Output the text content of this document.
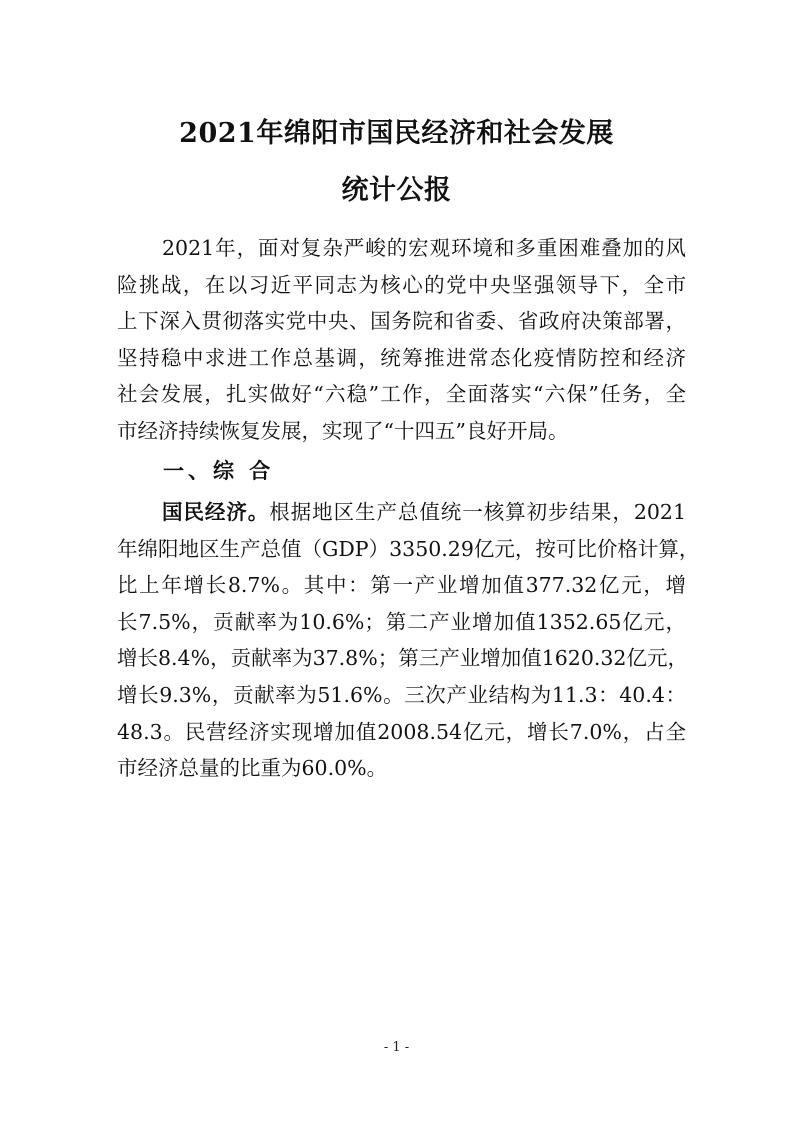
2021年绵阳市国民经济和社会发展
统计公报
2021年，面对复杂严峻的宏观环境和多重困难叠加的风
险挑战，在以习近平同志为核心的党中央坚强领导下，全市
上下深入贯彻落实党中央、国务院和省委、省政府决策部署，
坚持稳中求进工作总基调，统筹推进常态化疫情防控和经济
社会发展，扎实做好“六稳”工作，全面落实“六保”任务，全
市经济持续恢复发展，实现了“十四五”良好开局。
一、综 合
国民经济。根据地区生产总值统一核算初步结果，2021
年绵阳地区生产总值（GDP）3350.29亿元，按可比价格计算，
比上年增长8.7%。其中：第一产业增加值377.32亿元，增
长7.5%，贡献率为10.6%；第二产业增加值1352.65亿元，
增长8.4%，贡献率为37.8%；第三产业增加值1620.32亿元，
增长9.3%，贡献率为51.6%。三次产业结构为11.3：40.4：
48.3。民营经济实现增加值2008.54亿元，增长7.0%，占全
市经济总量的比重为60.0%。
- 1 -
